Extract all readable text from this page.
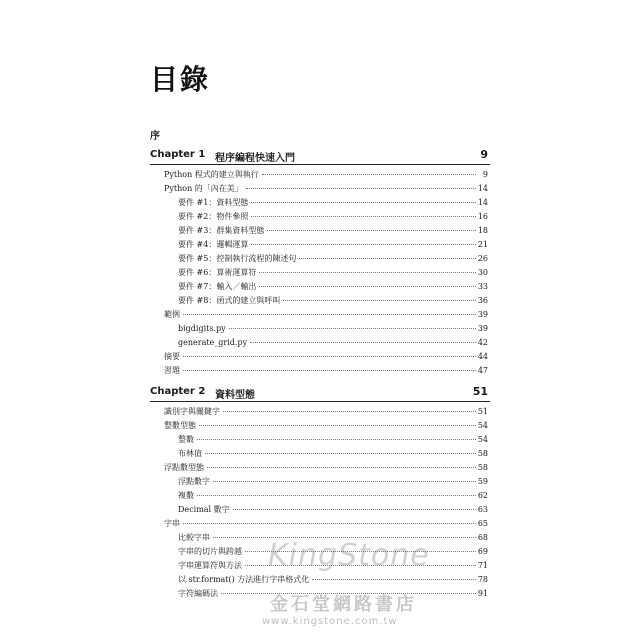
目錄
序
Chapter 1 程序編程快速入門	9
Python 程式的建立與執行	9
Python 的「內在美」	14
要件 #1：資料型態	14
要件 #2：物件參照	16
要件 #3：群集資料型態	18
要件 #4：邏輯運算	21
要件 #5：控制執行流程的陳述句	26
要件 #6：算術運算符	30
要件 #7：輸入／輸出	33
要件 #8：函式的建立與呼叫	36
範例	39
bigdigits.py	39
generate_grid.py	42
摘要	44
習題	47
Chapter 2 資料型態	51
識別字與關鍵字	51
整數型態	54
整數	54
布林值	58
浮點數型態	58
浮點數字	59
複數	62
Decimal 數字	63
字串	65
比較字串	68
字串的切片與跨越	69
字串運算符與方法	71
以 str.format() 方法進行字串格式化	78
字符編碼法	91
KingStone
金石堂網路書店
www.kingstone.com.tw
